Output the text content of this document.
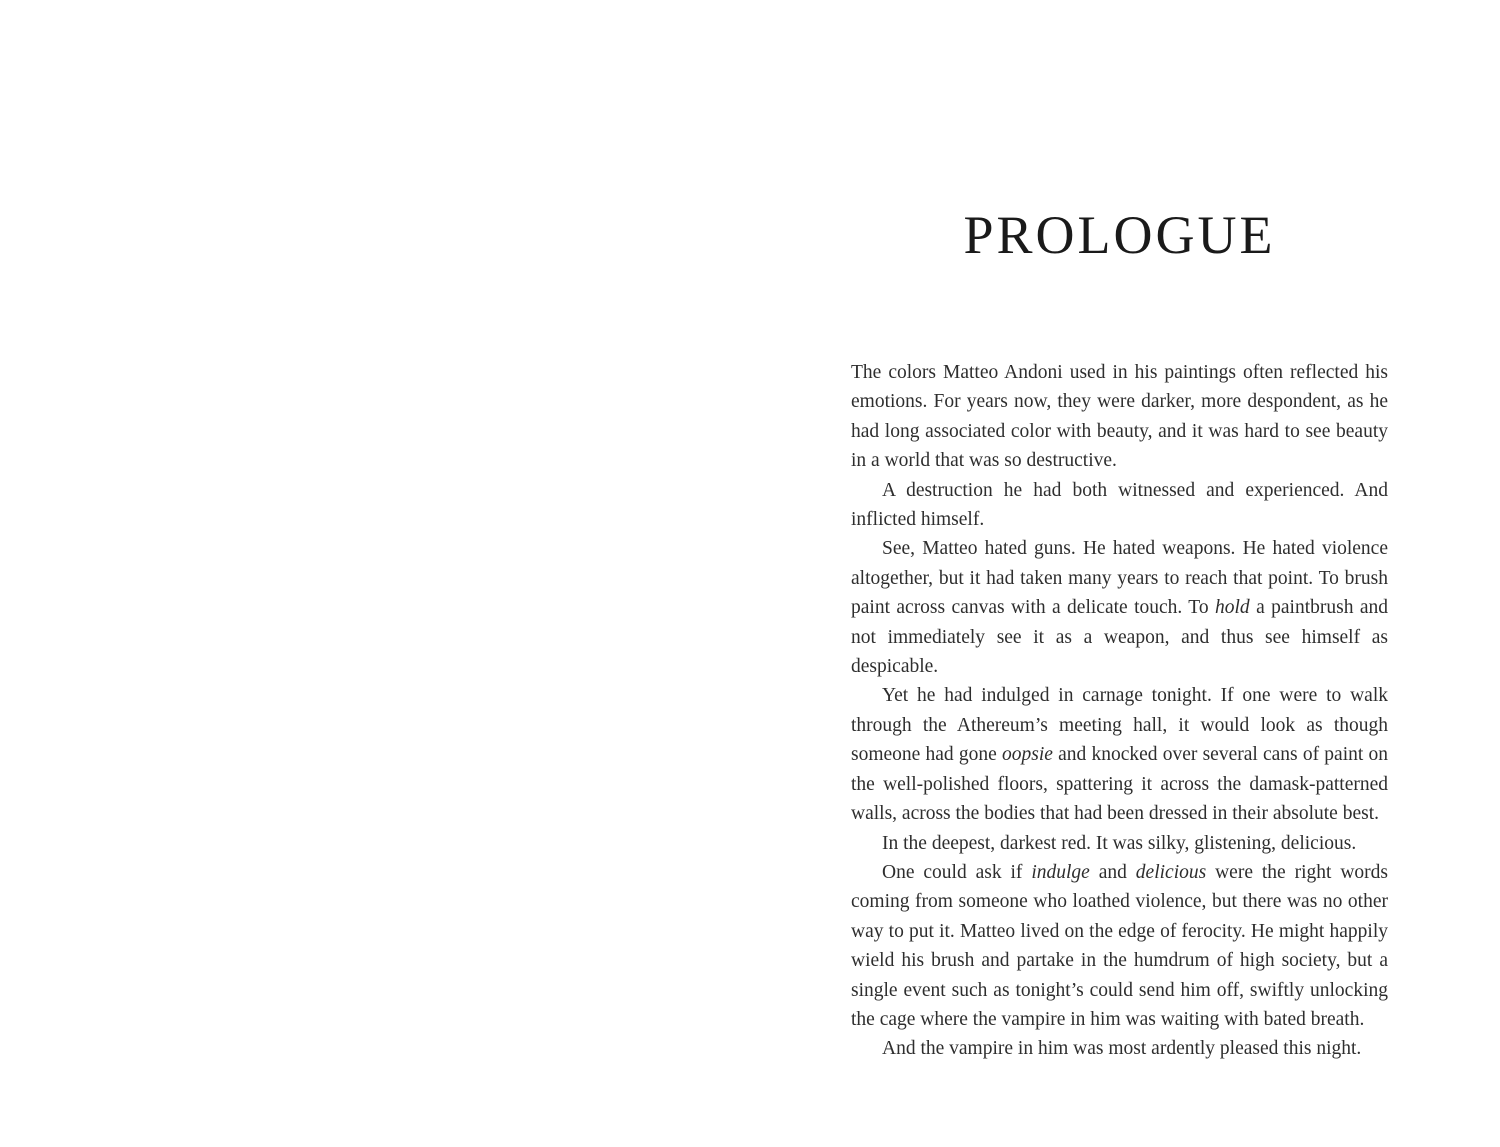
PROLOGUE

The colors Matteo Andoni used in his paintings often reflected his emotions. For years now, they were darker, more despondent, as he had long associated color with beauty, and it was hard to see beauty in a world that was so destructive.

A destruction he had both witnessed and experienced. And inflicted himself.

See, Matteo hated guns. He hated weapons. He hated violence altogether, but it had taken many years to reach that point. To brush paint across canvas with a delicate touch. To hold a paintbrush and not immediately see it as a weapon, and thus see himself as despicable.

Yet he had indulged in carnage tonight. If one were to walk through the Athereum’s meeting hall, it would look as though someone had gone oopsie and knocked over several cans of paint on the well-polished floors, spattering it across the damask-patterned walls, across the bodies that had been dressed in their absolute best.

In the deepest, darkest red. It was silky, glistening, delicious.

One could ask if indulge and delicious were the right words coming from someone who loathed violence, but there was no other way to put it. Matteo lived on the edge of ferocity. He might happily wield his brush and partake in the humdrum of high society, but a single event such as tonight’s could send him off, swiftly unlocking the cage where the vampire in him was waiting with bated breath.

And the vampire in him was most ardently pleased this night.
